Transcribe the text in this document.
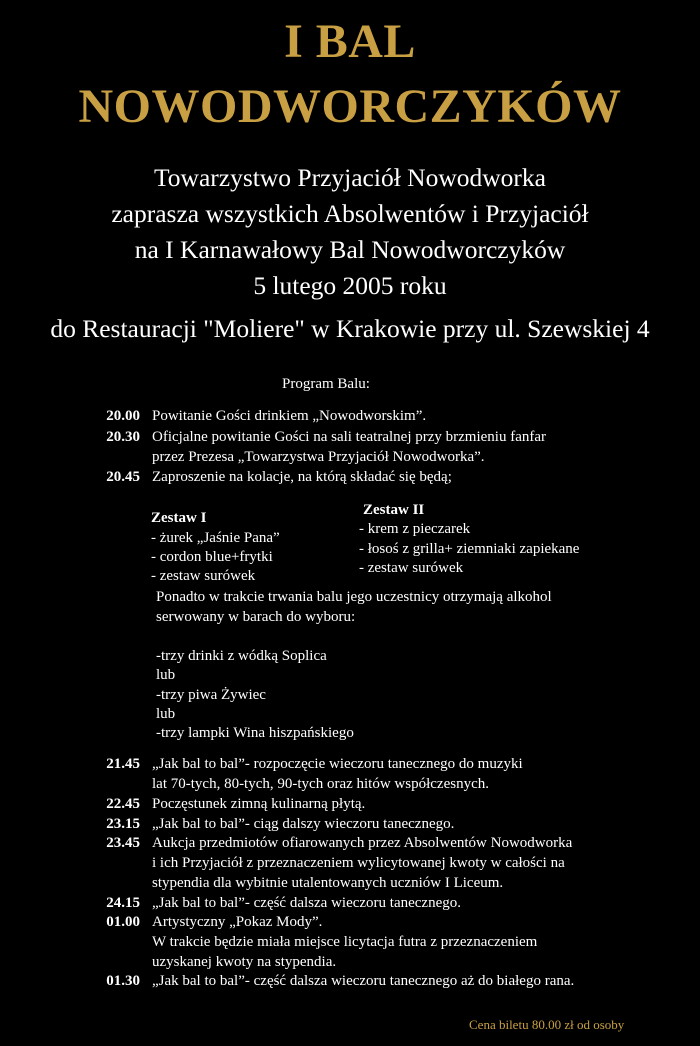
I BAL
NOWODWORCZYKÓW
Towarzystwo Przyjaciół Nowodworka
zaprasza wszystkich Absolwentów i Przyjaciół
na I Karnawałowy Bal Nowodworczyków
5 lutego 2005 roku
do Restauracji "Moliere" w Krakowie przy ul. Szewskiej 4
Program Balu:
20.00 Powitanie Gości drinkiem „Nowodworskim”.
20.30 Oficjalne powitanie Gości na sali teatralnej przy brzmieniu fanfar
przez Prezesa „Towarzystwa Przyjaciół Nowodworka”.
20.45 Zaproszenie na kolacje, na którą składać się będą;
Zestaw I
- żurek „Jaśnie Pana”
- cordon blue+frytki
- zestaw surówek
Zestaw II
- krem z pieczarek
- łosoś z grilla+ ziemniaki zapiekane
- zestaw surówek
Ponadto w trakcie trwania balu jego uczestnicy otrzymają alkohol
serwowany w barach do wyboru:
-trzy drinki z wódką Soplica
lub
-trzy piwa Żywiec
lub
-trzy lampki Wina hiszpańskiego
21.45 „Jak bal to bal”- rozpoczęcie wieczoru tanecznego do muzyki
lat 70-tych, 80-tych, 90-tych oraz hitów współczesnych.
22.45 Poczęstunek zimną kulinarną płytą.
23.15 „Jak bal to bal”- ciąg dalszy wieczoru tanecznego.
23.45 Aukcja przedmiotów ofiarowanych przez Absolwentów Nowodworka
i ich Przyjaciół z przeznaczeniem wylicytowanej kwoty w całości na
stypendia dla wybitnie utalentowanych uczniów I Liceum.
24.15 „Jak bal to bal”- część dalsza wieczoru tanecznego.
01.00 Artystyczny „Pokaz Mody”.
W trakcie będzie miała miejsce licytacja futra z przeznaczeniem
uzyskanej kwoty na stypendia.
01.30 „Jak bal to bal”- część dalsza wieczoru tanecznego aż do białego rana.
Cena biletu 80.00 zł od osoby
